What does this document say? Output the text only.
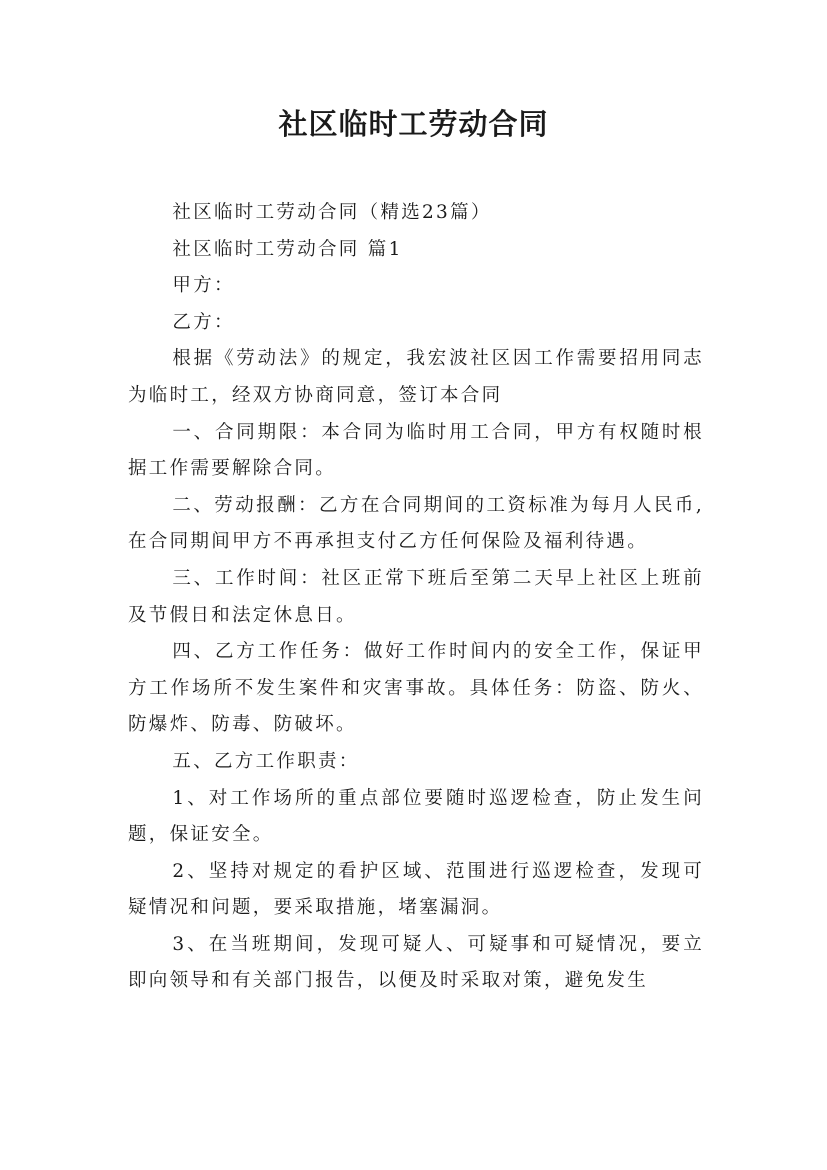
社区临时工劳动合同

社区临时工劳动合同（精选23篇）

社区临时工劳动合同 篇1

甲方：

乙方：

根据《劳动法》的规定，我宏波社区因工作需要招用同志为临时工，经双方协商同意，签订本合同

一、合同期限：本合同为临时用工合同，甲方有权随时根据工作需要解除合同。

二、劳动报酬：乙方在合同期间的工资标准为每月人民币,在合同期间甲方不再承担支付乙方任何保险及福利待遇。

三、工作时间：社区正常下班后至第二天早上社区上班前及节假日和法定休息日。

四、乙方工作任务：做好工作时间内的安全工作，保证甲方工作场所不发生案件和灾害事故。具体任务：防盗、防火、防爆炸、防毒、防破坏。

五、乙方工作职责：

1、对工作场所的重点部位要随时巡逻检查，防止发生问题，保证安全。

2、坚持对规定的看护区域、范围进行巡逻检查，发现可疑情况和问题，要采取措施，堵塞漏洞。

3、在当班期间，发现可疑人、可疑事和可疑情况，要立即向领导和有关部门报告，以便及时采取对策，避免发生
